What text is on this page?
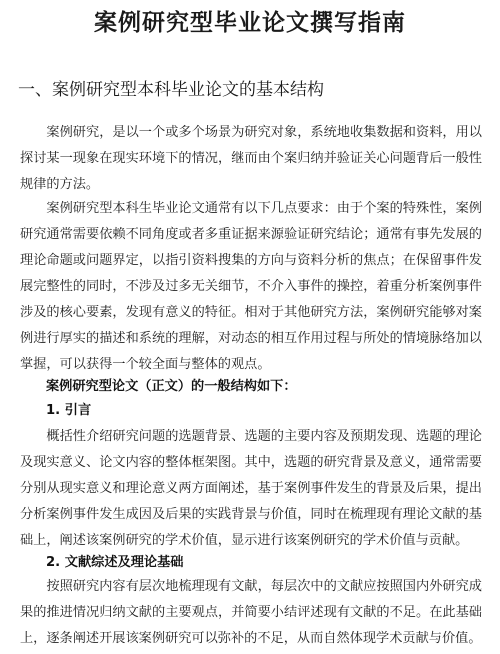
案例研究型毕业论文撰写指南
一、案例研究型本科毕业论文的基本结构

案例研究，是以一个或多个场景为研究对象，系统地收集数据和资料，用以探讨某一现象在现实环境下的情况，继而由个案归纳并验证关心问题背后一般性规律的方法。

案例研究型本科生毕业论文通常有以下几点要求：由于个案的特殊性，案例研究通常需要依赖不同角度或者多重证据来源验证研究结论；通常有事先发展的理论命题或问题界定，以指引资料搜集的方向与资料分析的焦点；在保留事件发展完整性的同时，不涉及过多无关细节，不介入事件的操控，着重分析案例事件涉及的核心要素，发现有意义的特征。相对于其他研究方法，案例研究能够对案例进行厚实的描述和系统的理解，对动态的相互作用过程与所处的情境脉络加以掌握，可以获得一个较全面与整体的观点。

案例研究型论文（正文）的一般结构如下：

1. 引言

概括性介绍研究问题的选题背景、选题的主要内容及预期发现、选题的理论及现实意义、论文内容的整体框架图。其中，选题的研究背景及意义，通常需要分别从现实意义和理论意义两方面阐述，基于案例事件发生的背景及后果，提出分析案例事件发生成因及后果的实践背景与价值，同时在梳理现有理论文献的基础上，阐述该案例研究的学术价值，显示进行该案例研究的学术价值与贡献。

2. 文献综述及理论基础

按照研究内容有层次地梳理现有文献，每层次中的文献应按照国内外研究成果的推进情况归纳文献的主要观点，并简要小结评述现有文献的不足。在此基础上，逐条阐述开展该案例研究可以弥补的不足，从而自然体现学术贡献与价值。
